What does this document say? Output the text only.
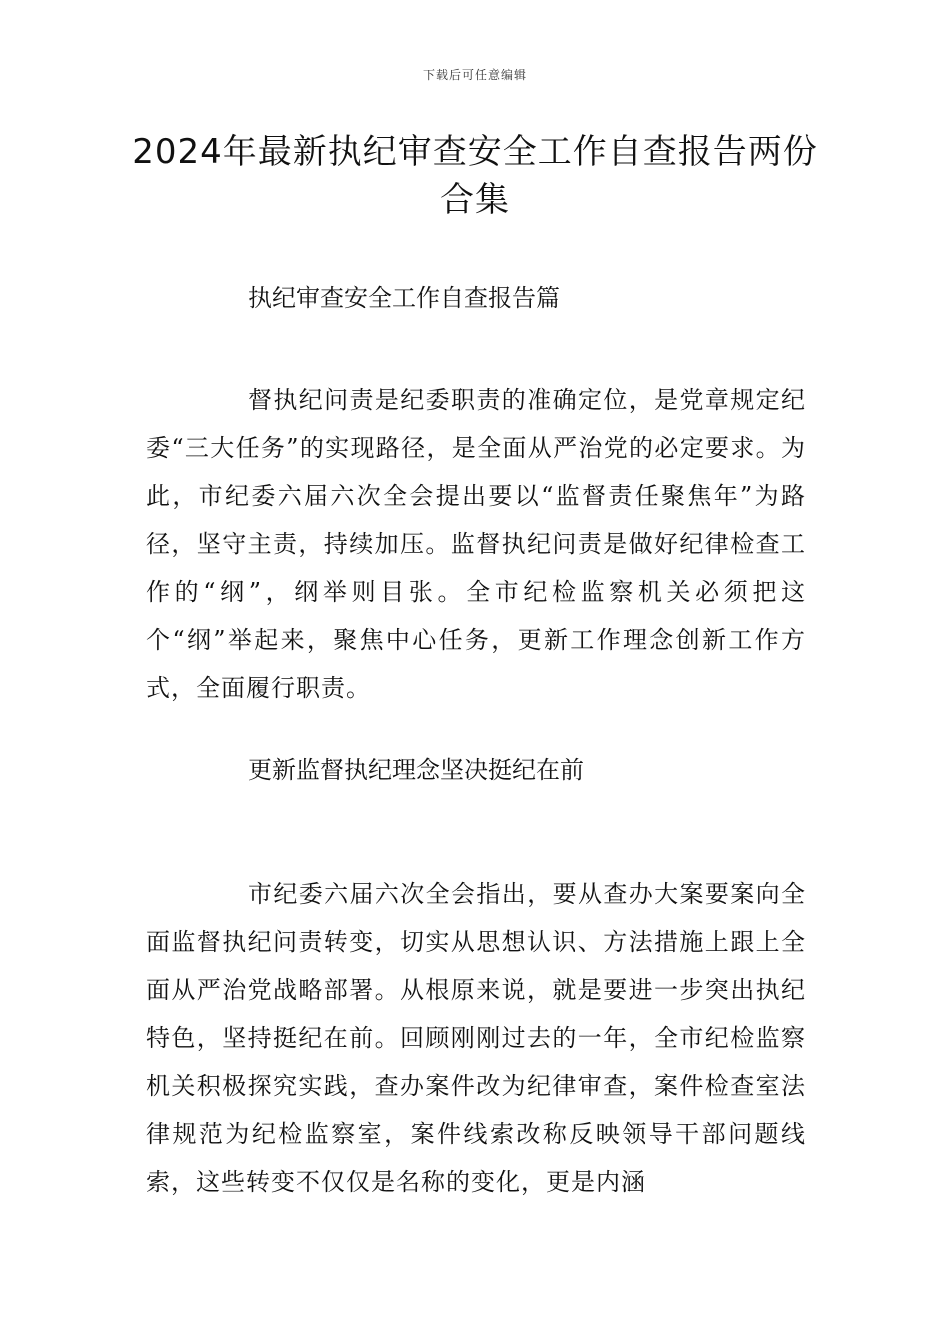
下载后可任意编辑
2024年最新执纪审查安全工作自查报告两份合集
执纪审查安全工作自查报告篇

督执纪问责是纪委职责的准确定位，是党章规定纪委“三大任务”的实现路径，是全面从严治党的必定要求。为此，市纪委六届六次全会提出要以“监督责任聚焦年”为路径，坚守主责，持续加压。监督执纪问责是做好纪律检查工作的“纲”，纲举则目张。全市纪检监察机关必须把这个“纲”举起来，聚焦中心任务，更新工作理念创新工作方式，全面履行职责。

更新监督执纪理念坚决挺纪在前

市纪委六届六次全会指出，要从查办大案要案向全面监督执纪问责转变，切实从思想认识、方法措施上跟上全面从严治党战略部署。从根原来说，就是要进一步突出执纪特色，坚持挺纪在前。回顾刚刚过去的一年，全市纪检监察机关积极探究实践，查办案件改为纪律审查，案件检查室法律规范为纪检监察室，案件线索改称反映领导干部问题线索，这些转变不仅仅是名称的变化，更是内涵
